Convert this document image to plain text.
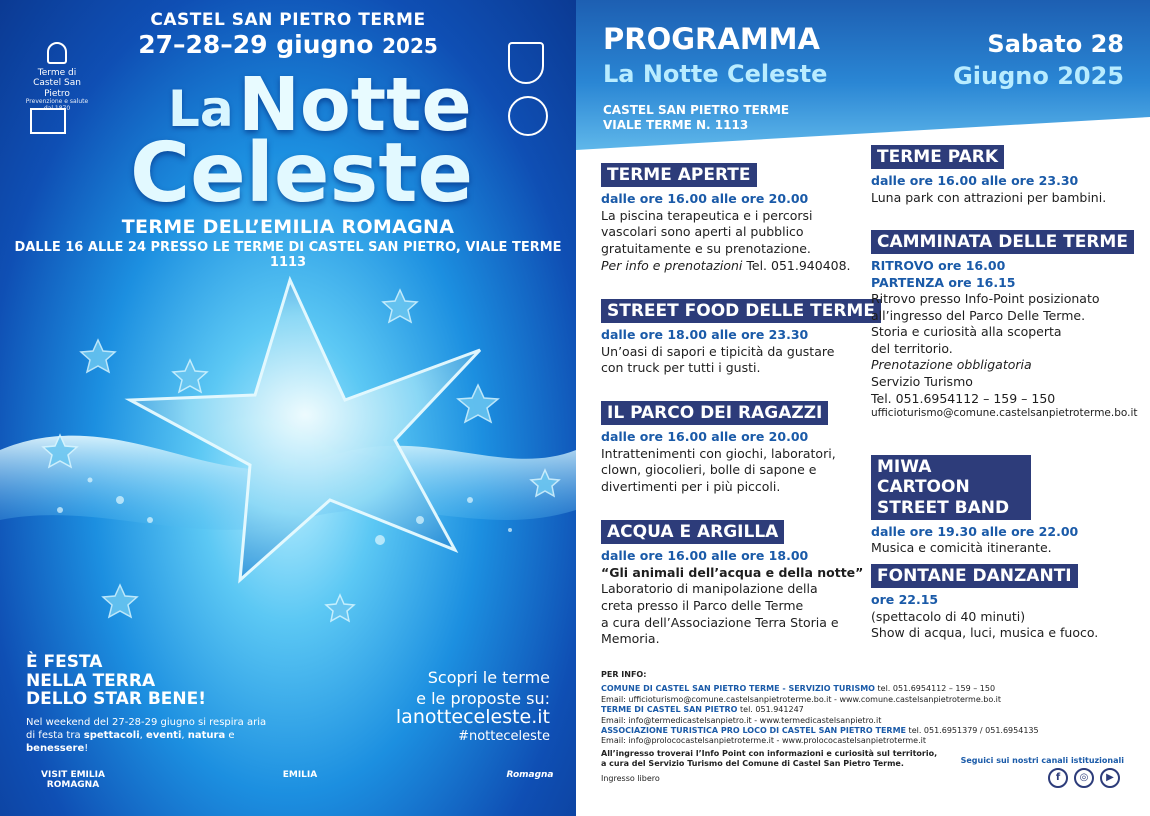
CASTEL SAN PIETRO TERME
27–28–29 giugno 2025
Terme di
Castel San Pietro
Prevenzione e salute dal 1870	La Notte
Celeste
TERME DELL’EMILIA ROMAGNA
DALLE 16 ALLE 24 PRESSO LE TERME DI CASTEL SAN PIETRO, VIALE TERME 1113
È FESTA
NELLA TERRA
DELLO STAR BENE!
Nel weekend del 27-28-29 giugno si respira aria di festa tra spettacoli, eventi, natura e benessere!
Scopri le terme
e le proposte su:
lanotteceleste.it
#notteceleste
VISIT EMILIA ROMAGNA
EMILIA	Romagna
PROGRAMMA
La Notte Celeste
CASTEL SAN PIETRO TERME
VIALE TERME N. 1113
Sabato 28
Giugno 2025
TERME APERTE
dalle ore 16.00 alle ore 20.00
La piscina terapeutica e i percorsi
vascolari sono aperti al pubblico
gratuitamente e su prenotazione.
Per info e prenotazioni Tel. 051.940408.
STREET FOOD DELLE TERME
dalle ore 18.00 alle ore 23.30
Un’oasi di sapori e tipicità da gustare
con truck per tutti i gusti.
IL PARCO DEI RAGAZZI
dalle ore 16.00 alle ore 20.00
Intrattenimenti con giochi, laboratori,
clown, giocolieri, bolle di sapone e
divertimenti per i più piccoli.
ACQUA E ARGILLA
dalle ore 16.00 alle ore 18.00
“Gli animali dell’acqua e della notte”
Laboratorio di manipolazione della
creta presso il Parco delle Terme
a cura dell’Associazione Terra Storia e
Memoria.
TERME PARK
dalle ore 16.00 alle ore 23.30
Luna park con attrazioni per bambini.
CAMMINATA DELLE TERME
RITROVO ore 16.00
PARTENZA ore 16.15
Ritrovo presso Info-Point posizionato
all’ingresso del Parco Delle Terme.
Storia e curiosità alla scoperta
del territorio.
Prenotazione obbligatoria
Servizio Turismo
Tel. 051.6954112 – 159 – 150
ufficioturismo@comune.castelsanpietroterme.bo.it
MIWA CARTOON
STREET BAND
dalle ore 19.30 alle ore 22.00
Musica e comicità itinerante.
FONTANE DANZANTI
ore 22.15
(spettacolo di 40 minuti)
Show di acqua, luci, musica e fuoco.
PER INFO:
COMUNE DI CASTEL SAN PIETRO TERME - SERVIZIO TURISMO tel. 051.6954112 – 159 – 150
Email: ufficioturismo@comune.castelsanpietroterme.bo.it - www.comune.castelsanpietroterme.bo.it
TERME DI CASTEL SAN PIETRO tel. 051.941247
Email: info@termedicastelsanpietro.it - www.termedicastelsanpietro.it
ASSOCIAZIONE TURISTICA PRO LOCO DI CASTEL SAN PIETRO TERME tel. 051.6951379 / 051.6954135
Email: info@prolococastelsanpietroterme.it - www.prolococastelsanpietroterme.it
All’ingresso troverai l’Info Point con informazioni e curiosità sul territorio,
a cura del Servizio Turismo del Comune di Castel San Pietro Terme.
Ingresso libero
Seguici sui nostri canali istituzionali
f	◎	▶
